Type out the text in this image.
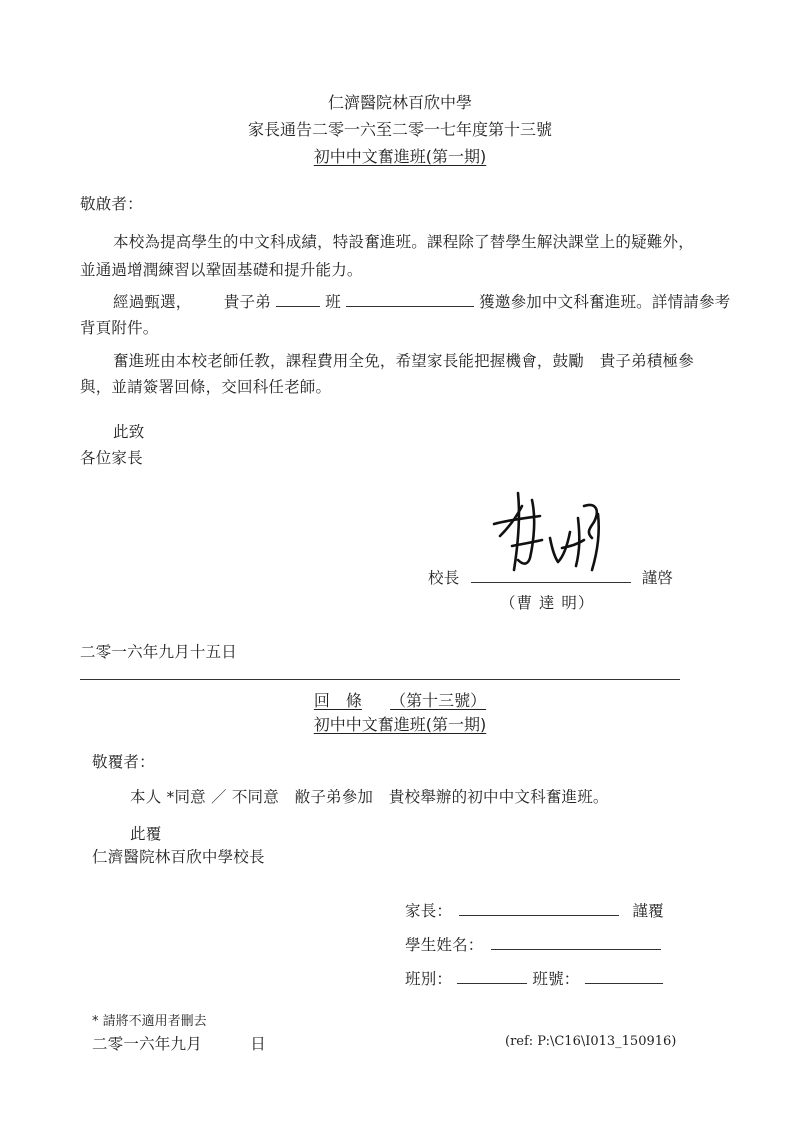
仁濟醫院林百欣中學
家長通告二零一六至二零一七年度第十三號
初中中文奮進班(第一期)
敬啟者：
本校為提高學生的中文科成績，特設奮進班。課程除了替學生解決課堂上的疑難外，
並通過增潤練習以鞏固基礎和提升能力。
經過甄選， 貴子弟	班	獲邀參加中文科奮進班。詳情請參考
背頁附件。
奮進班由本校老師任教，課程費用全免，希望家長能把握機會，鼓勵　貴子弟積極參
與，並請簽署回條，交回科任老師。
此致
各位家長
校長	謹啓
（曹 達 明）
二零一六年九月十五日
回　條 （第十三號）
初中中文奮進班(第一期)
敬覆者：
本人 *同意 ／ 不同意　敝子弟參加　貴校舉辦的初中中文科奮進班。
此覆
仁濟醫院林百欣中學校長
家長：	謹覆
學生姓名：
班別：	班號：
* 請將不適用者刪去
二零一六年九月	日	(ref: P:\C16\I013_150916)
